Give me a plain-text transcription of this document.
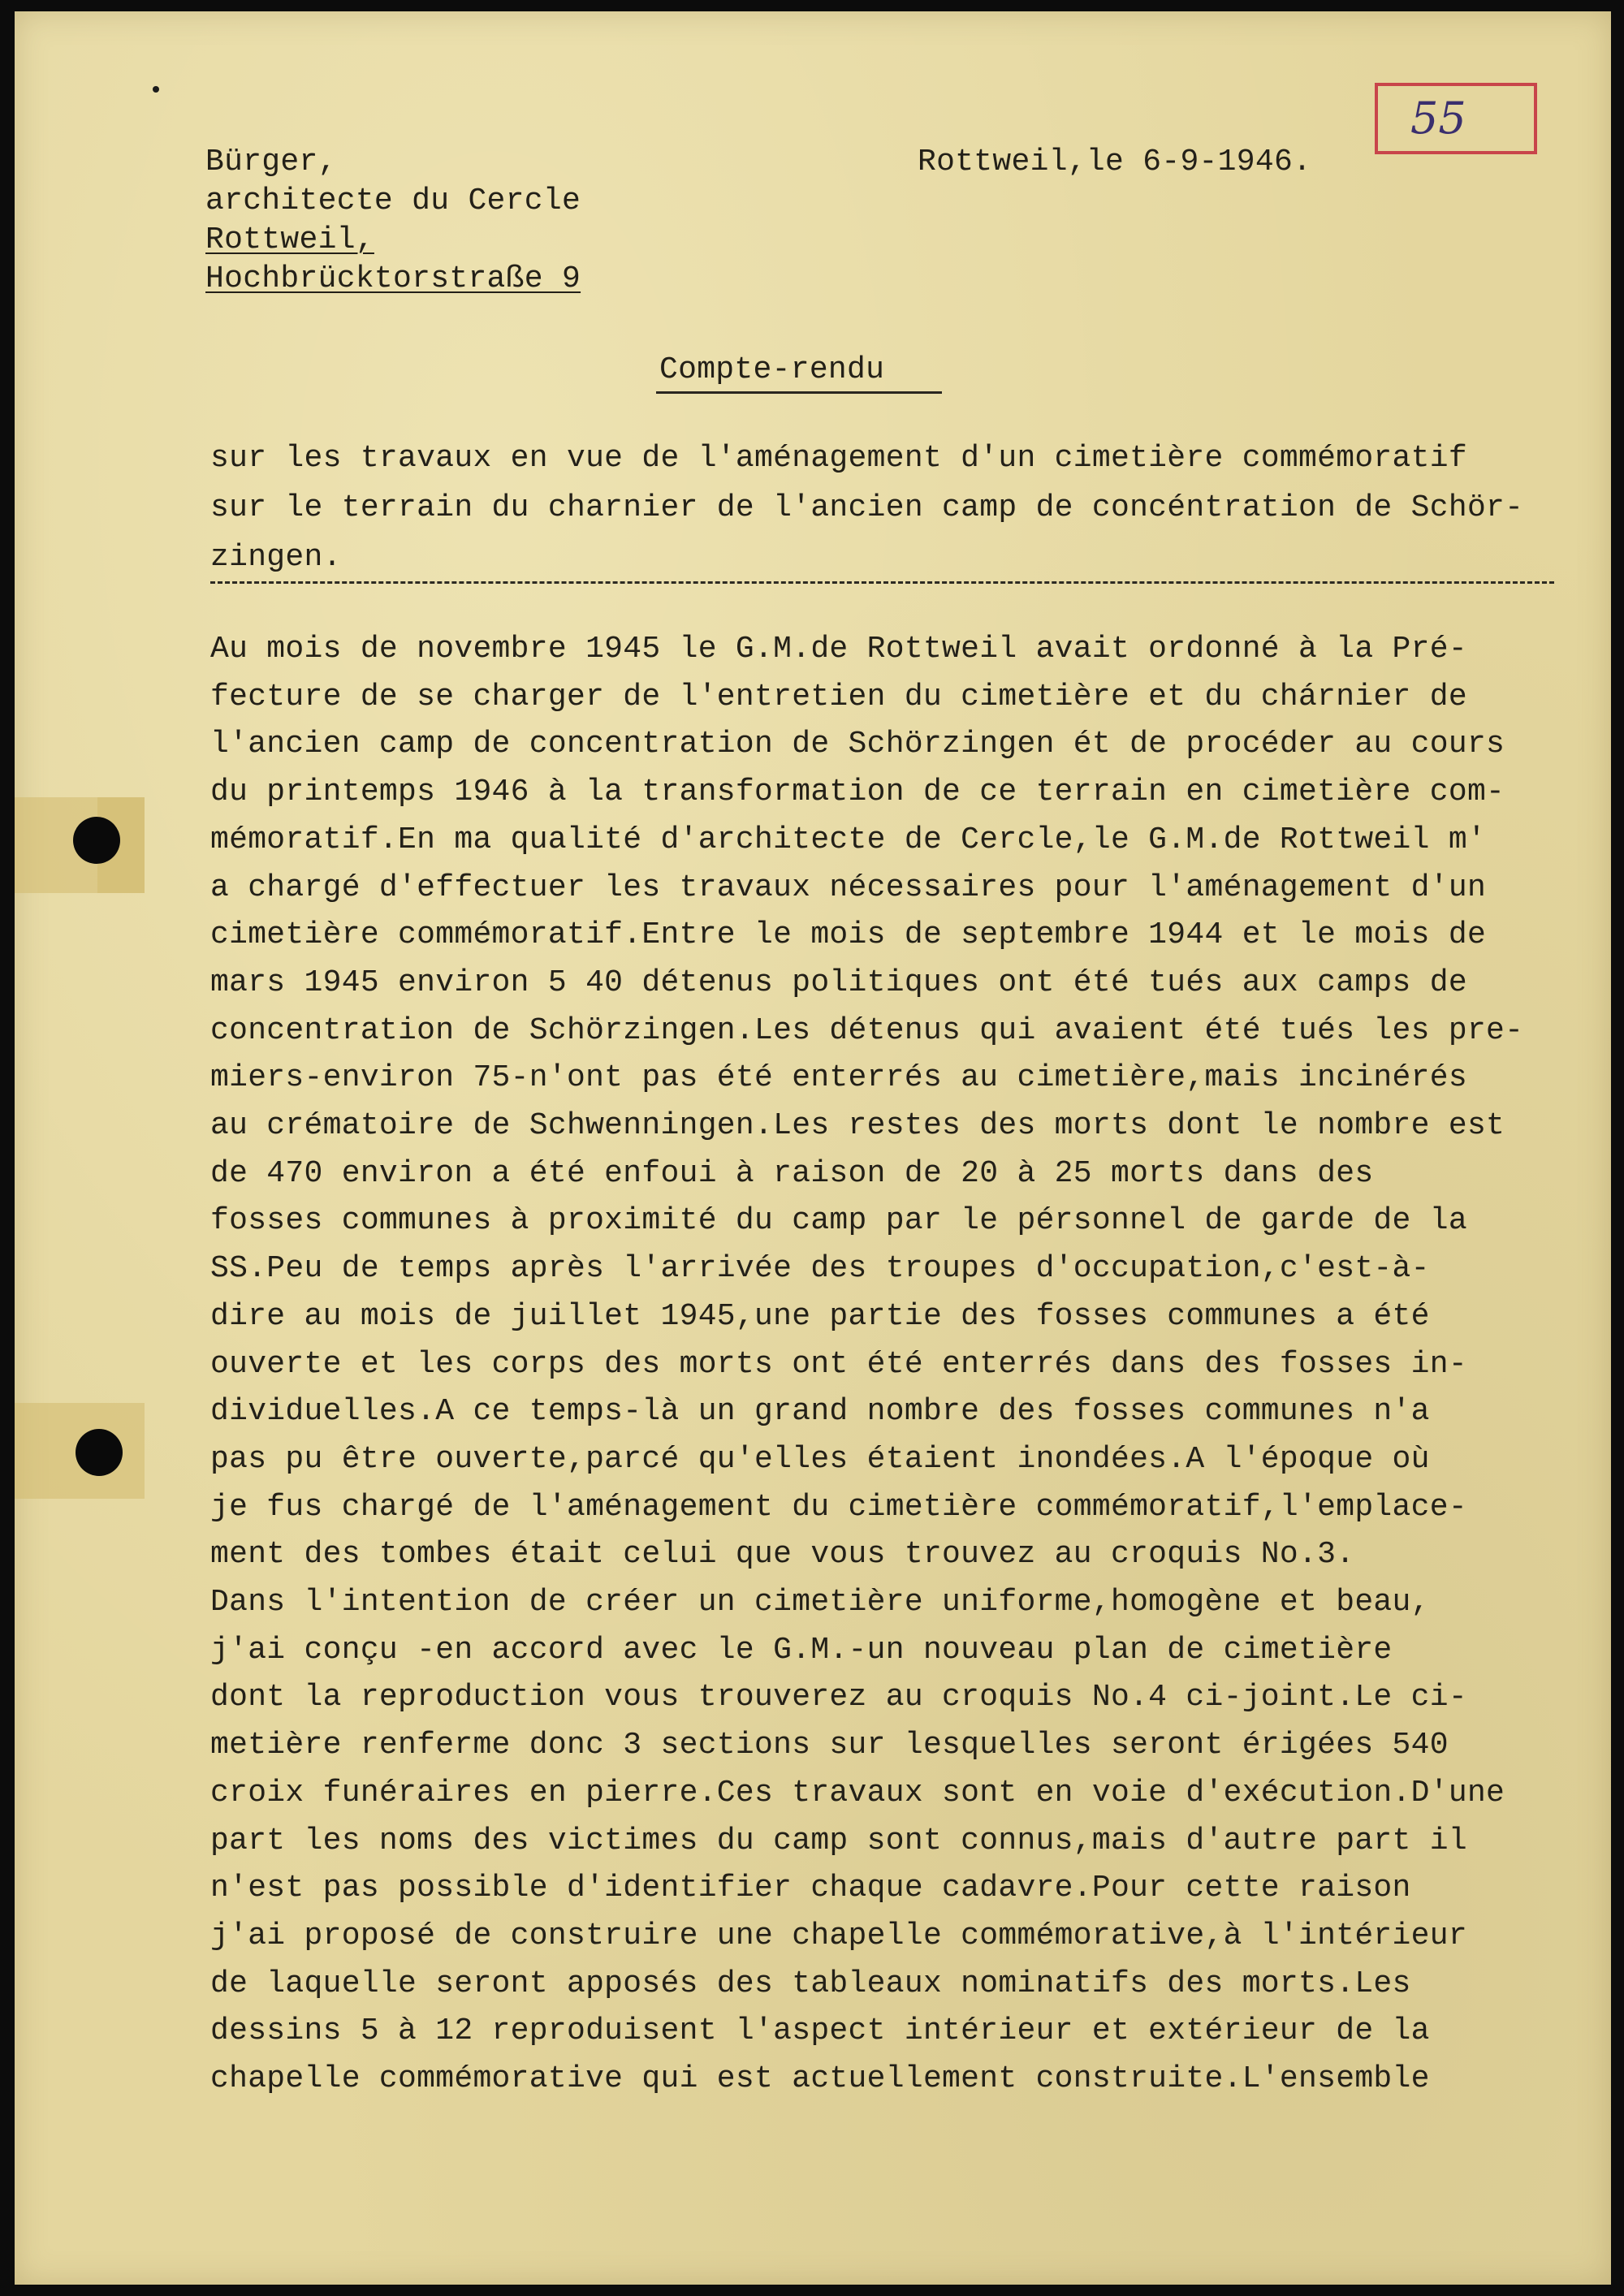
55
Bürger,
architecte du Cercle
Rottweil,
Hochbrücktorstraße 9
Rottweil,le 6-9-1946.
Compte-rendu
sur les travaux en vue de l'aménagement d'un cimetière commémoratif
sur le terrain du charnier de l'ancien camp de concéntration de Schör-
zingen.
Au mois de novembre 1945 le G.M.de Rottweil avait ordonné à la Pré-
fecture de se charger de l'entretien du cimetière et du chárnier de
l'ancien camp de concentration de Schörzingen ét de procéder au cours
du printemps 1946 à la transformation de ce terrain en cimetière com-
mémoratif.En ma qualité d'architecte de Cercle,le G.M.de Rottweil m'
a chargé d'effectuer les travaux nécessaires pour l'aménagement d'un
cimetière commémoratif.Entre le mois de septembre 1944 et le mois de
mars 1945 environ 5 40 détenus politiques ont été tués aux camps de
concentration de Schörzingen.Les détenus qui avaient été tués les pre-
miers-environ 75-n'ont pas été enterrés au cimetière,mais incinérés
au crématoire de Schwenningen.Les restes des morts dont le nombre est
de 470 environ a été enfoui à raison de 20 à 25 morts dans des
fosses communes à proximité du camp par le pérsonnel de garde de la
SS.Peu de temps après l'arrivée des troupes d'occupation,c'est-à-
dire au mois de juillet 1945,une partie des fosses communes a été
ouverte et les corps des morts ont été enterrés dans des fosses in-
dividuelles.A ce temps-là un grand nombre des fosses communes n'a
pas pu être ouverte,parcé qu'elles étaient inondées.A l'époque où
je fus chargé de l'aménagement du cimetière commémoratif,l'emplace-
ment des tombes était celui que vous trouvez au croquis No.3.
Dans l'intention de créer un cimetière uniforme,homogène et beau,
j'ai conçu -en accord avec le G.M.-un nouveau plan de cimetière
dont la reproduction vous trouverez au croquis No.4 ci-joint.Le ci-
metière renferme donc 3 sections sur lesquelles seront érigées 540
croix funéraires en pierre.Ces travaux sont en voie d'exécution.D'une
part les noms des victimes du camp sont connus,mais d'autre part il
n'est pas possible d'identifier chaque cadavre.Pour cette raison
j'ai proposé de construire une chapelle commémorative,à l'intérieur
de laquelle seront apposés des tableaux nominatifs des morts.Les
dessins 5 à 12 reproduisent l'aspect intérieur et extérieur de la
chapelle commémorative qui est actuellement construite.L'ensemble
